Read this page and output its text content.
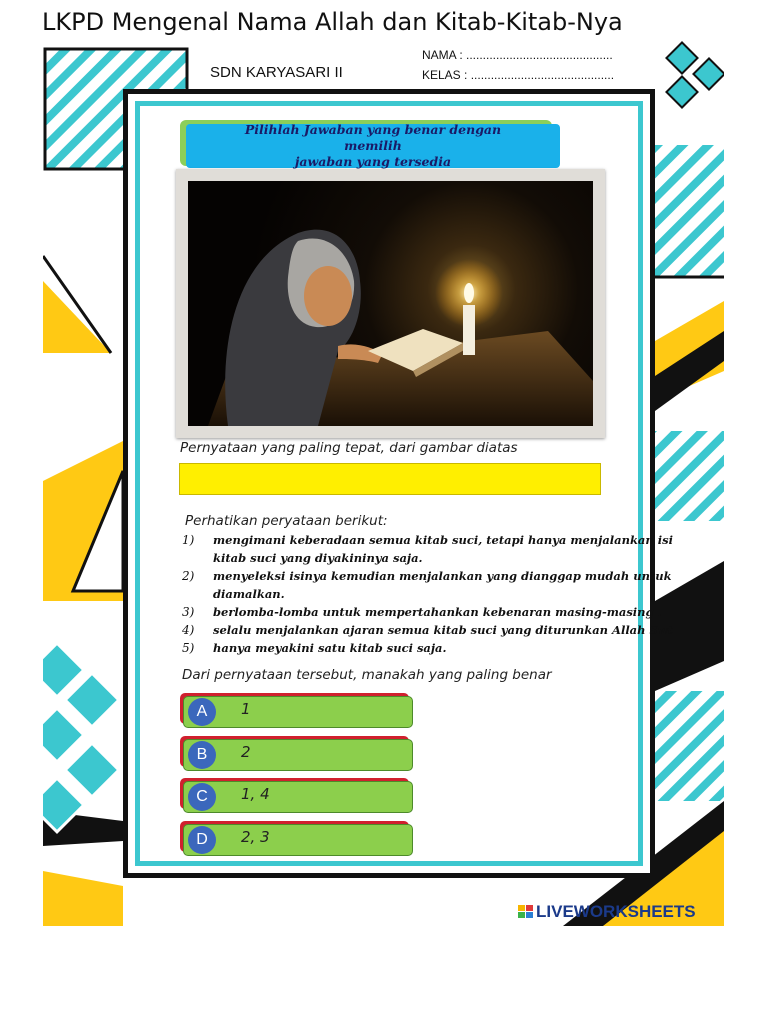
LKPD Mengenal Nama Allah dan Kitab-Kitab-Nya
SDN KARYASARI II
NAMA : ............................................
KELAS : ...........................................
Pilihlah Jawaban yang benar dengan memilih
jawaban yang tersedia
Pernyataan yang paling tepat, dari gambar diatas
Perhatikan peryataan berikut:
1) mengimani keberadaan semua kitab suci, tetapi hanya menjalankan isi
kitab suci yang diyakininya saja.
2) menyeleksi isinya kemudian menjalankan yang dianggap mudah untuk
diamalkan.
3) berlomba-lomba untuk mempertahankan kebenaran masing-masing .
4) selalu menjalankan ajaran semua kitab suci yang diturunkan Allah Swt
5) hanya meyakini satu kitab suci saja.
Dari pernyataan tersebut, manakah yang paling benar
A	1
B	2
C	1, 4
D	2, 3
LIVEWORKSHEETS
